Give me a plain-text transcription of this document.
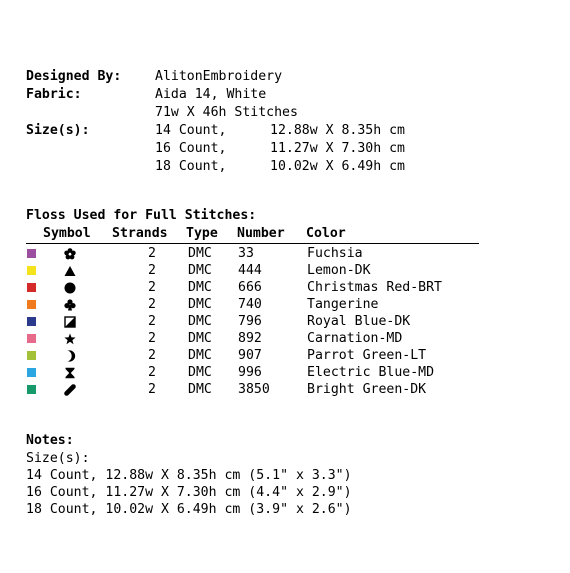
Designed By:	AlitonEmbroidery
Fabric:	Aida 14, White
71w X 46h Stitches
Size(s):	14 Count,	12.88w X 8.35h cm
16 Count,	11.27w X 7.30h cm
18 Count,	10.02w X 6.49h cm
Floss Used for Full Stitches:
Symbol Strands Type Number Color
2 DMC 33	Fuchsia
2 DMC 444	Lemon-DK
2 DMC 666	Christmas Red-BRT
2 DMC 740	Tangerine
2 DMC 796	Royal Blue-DK
2 DMC 892	Carnation-MD
2 DMC 907	Parrot Green-LT
2 DMC 996	Electric Blue-MD
2 DMC 3850	Bright Green-DK
Notes:
Size(s):
14 Count, 12.88w X 8.35h cm (5.1" x 3.3")
16 Count, 11.27w X 7.30h cm (4.4" x 2.9")
18 Count, 10.02w X 6.49h cm (3.9" x 2.6")
